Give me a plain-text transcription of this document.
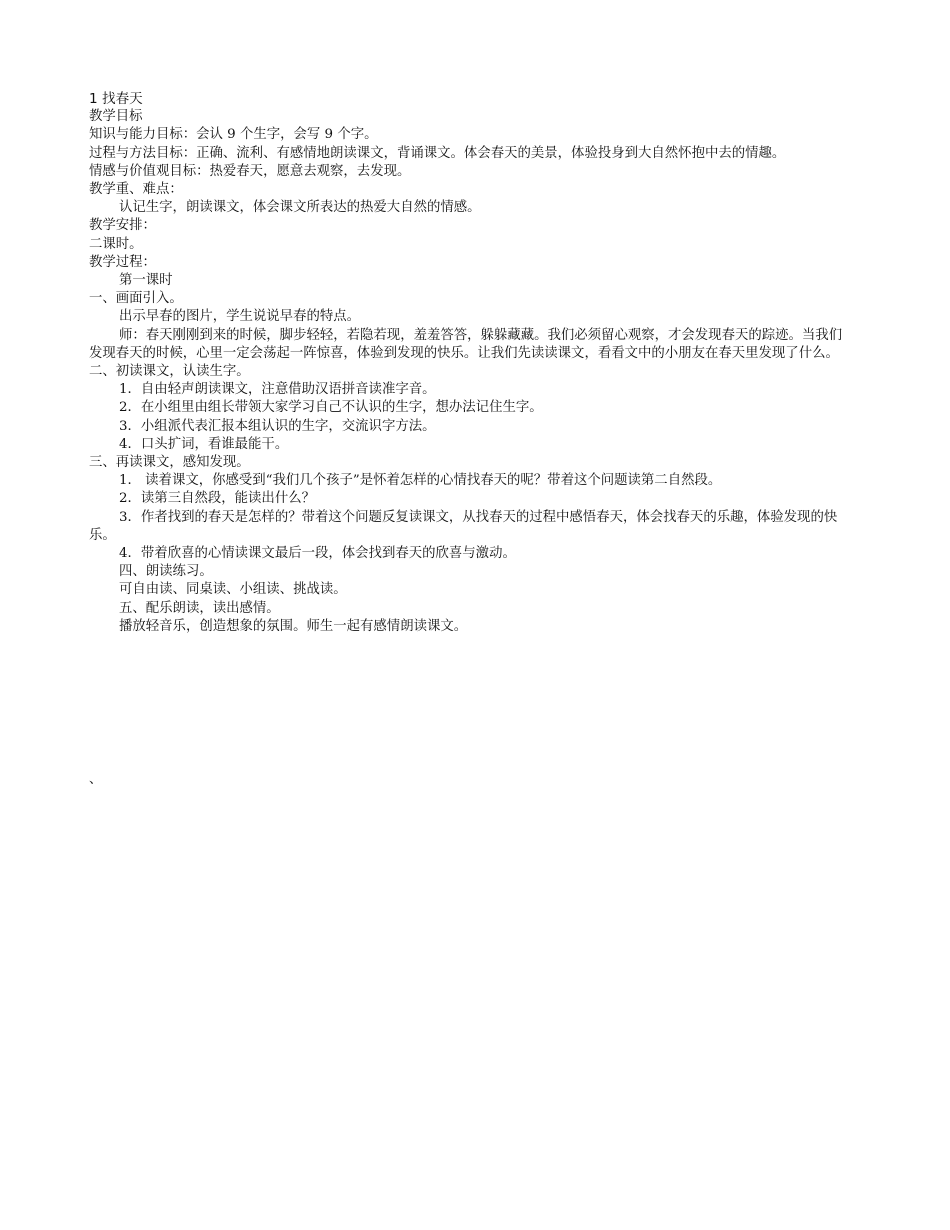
1 找春天

教学目标

知识与能力目标：会认 9 个生字，会写 9 个字。

过程与方法目标：正确、流利、有感情地朗读课文，背诵课文。体会春天的美景，体验投身到大自然怀抱中去的情趣。

情感与价值观目标：热爱春天，愿意去观察，去发现。

教学重、难点：

认记生字，朗读课文，体会课文所表达的热爱大自然的情感。

教学安排：

二课时。

教学过程：

第一课时

一、画面引入。

出示早春的图片，学生说说早春的特点。

师：春天刚刚到来的时候，脚步轻轻，若隐若现，羞羞答答，躲躲藏藏。我们必须留心观察，才会发现春天的踪迹。当我们发现春天的时候，心里一定会荡起一阵惊喜，体验到发现的快乐。让我们先读读课文，看看文中的小朋友在春天里发现了什么。

二、初读课文，认读生字。

1．自由轻声朗读课文，注意借助汉语拼音读准字音。

2．在小组里由组长带领大家学习自己不认识的生字，想办法记住生字。

3．小组派代表汇报本组认识的生字，交流识字方法。

4．口头扩词，看谁最能干。

三、再读课文，感知发现。

1． 读着课文，你感受到“我们几个孩子”是怀着怎样的心情找春天的呢？带着这个问题读第二自然段。

2．读第三自然段，能读出什么？

3．作者找到的春天是怎样的？带着这个问题反复读课文，从找春天的过程中感悟春天，体会找春天的乐趣，体验发现的快乐。

4．带着欣喜的心情读课文最后一段，体会找到春天的欣喜与激动。

四、朗读练习。

可自由读、同桌读、小组读、挑战读。

五、配乐朗读，读出感情。

播放轻音乐，创造想象的氛围。师生一起有感情朗读课文。

、
